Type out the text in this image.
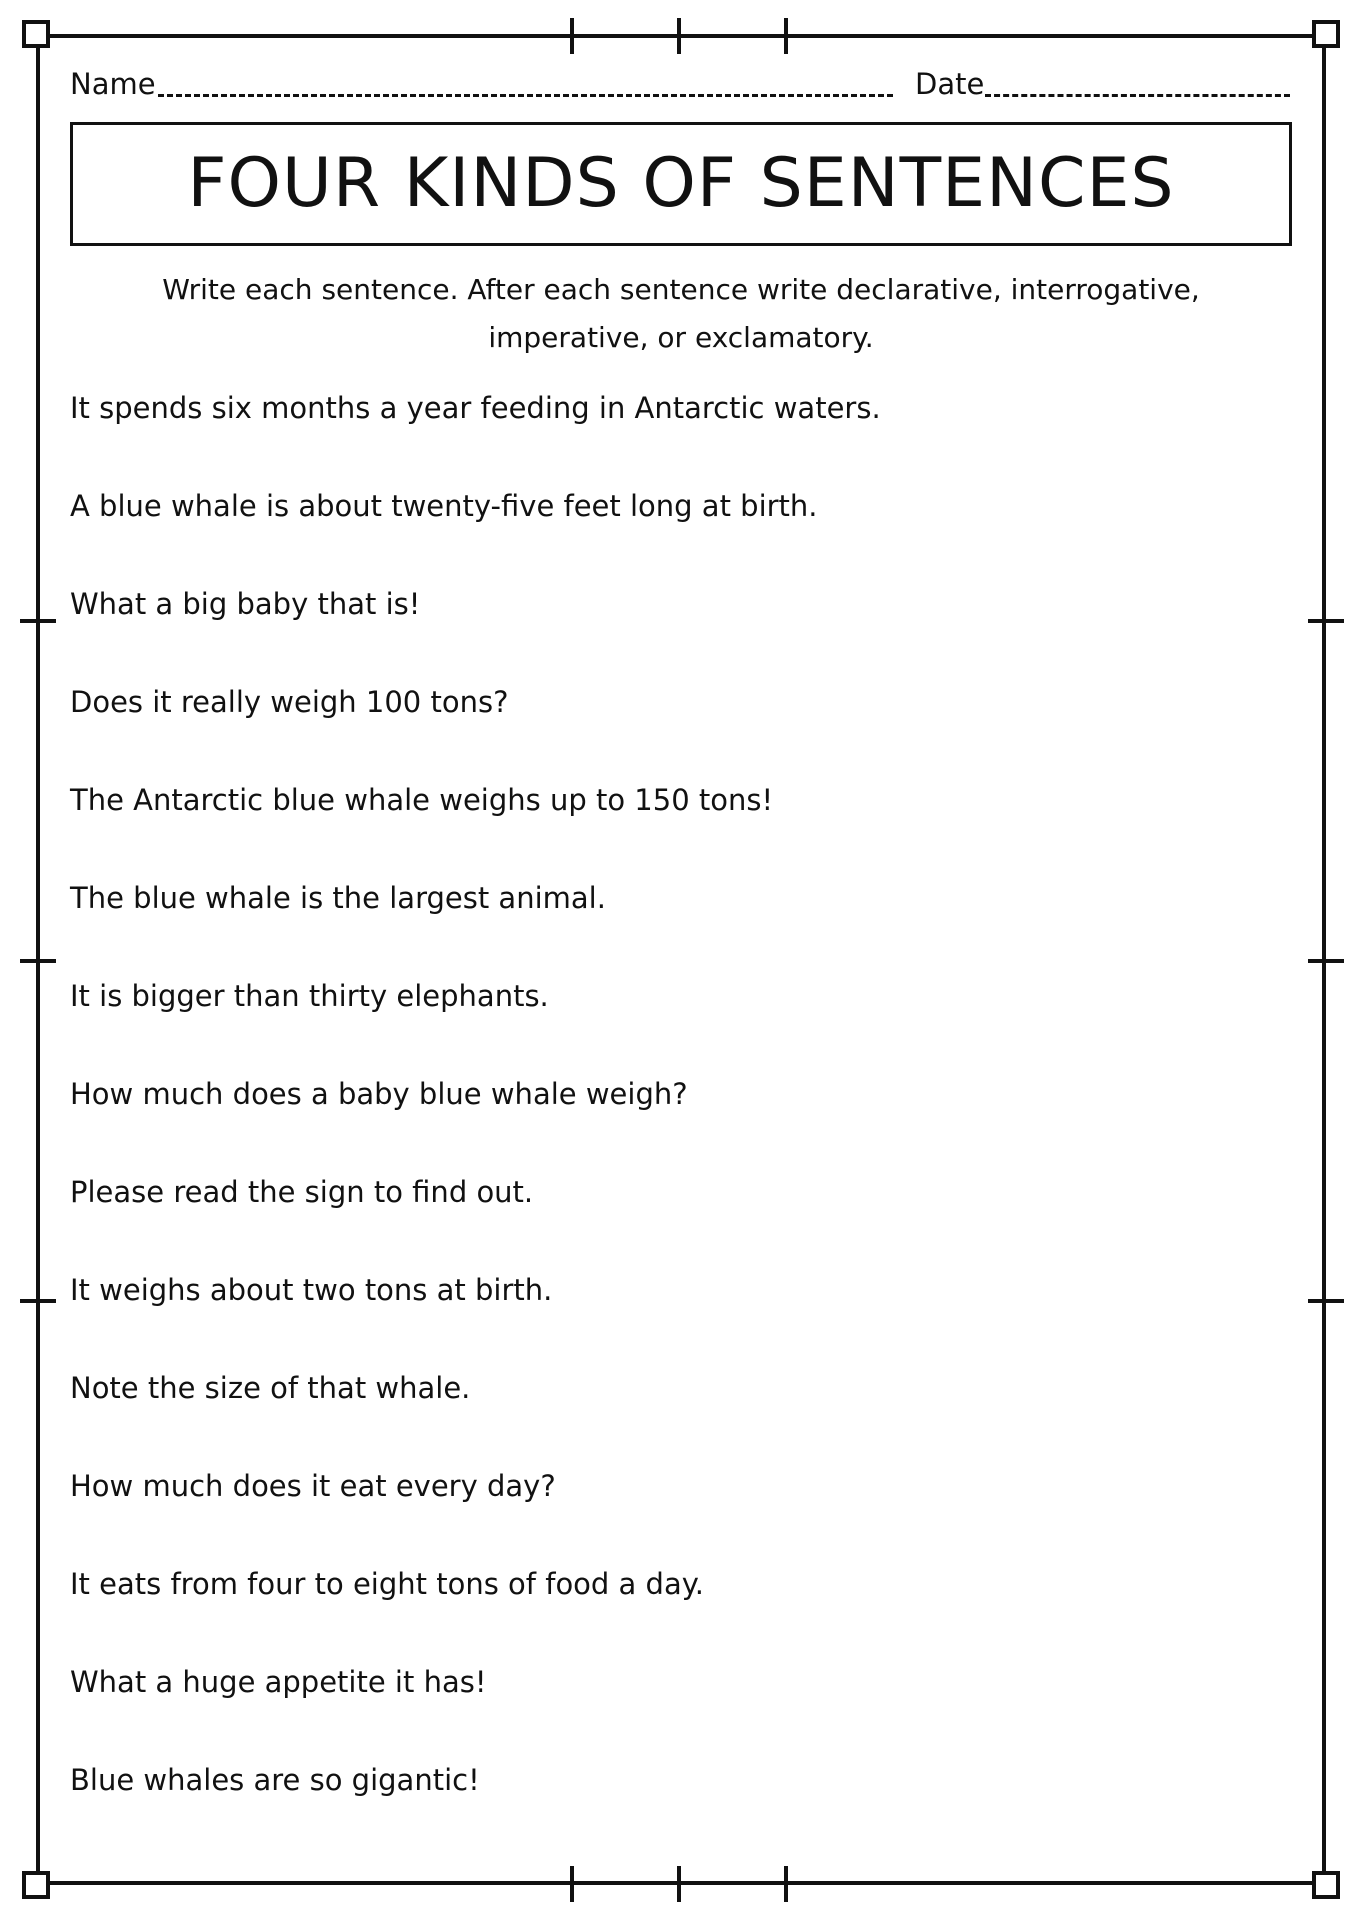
Name	Date
FOUR KINDS OF SENTENCES
Write each sentence. After each sentence write declarative, interrogative, imperative, or exclamatory.
It spends six months a year feeding in Antarctic waters.
A blue whale is about twenty-five feet long at birth.
What a big baby that is!
Does it really weigh 100 tons?
The Antarctic blue whale weighs up to 150 tons!
The blue whale is the largest animal.
It is bigger than thirty elephants.
How much does a baby blue whale weigh?
Please read the sign to find out.
It weighs about two tons at birth.
Note the size of that whale.
How much does it eat every day?
It eats from four to eight tons of food a day.
What a huge appetite it has!
Blue whales are so gigantic!
